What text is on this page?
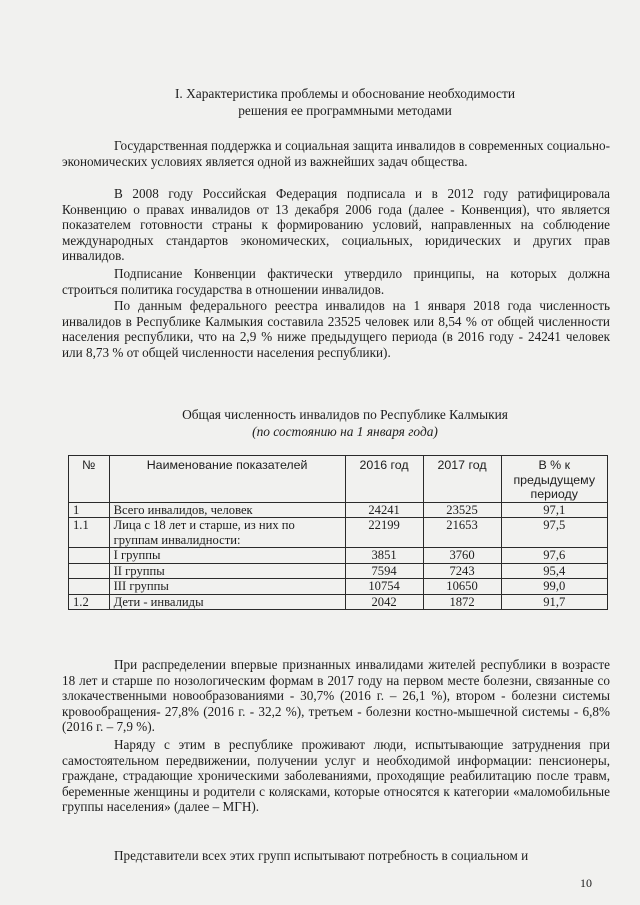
I. Характеристика проблемы и обоснование необходимости
решения ее программными методами

Государственная поддержка и социальная защита инвалидов в современных социально-экономических условиях является одной из важнейших задач общества.

В 2008 году Российская Федерация подписала и в 2012 году ратифицировала Конвенцию о правах инвалидов от 13 декабря 2006 года (далее - Конвенция), что является показателем готовности страны к формированию условий, направленных на соблюдение международных стандартов экономических, социальных, юридических и других прав инвалидов.

Подписание Конвенции фактически утвердило принципы, на которых должна строиться политика государства в отношении инвалидов.

По данным федерального реестра инвалидов на 1 января 2018 года численность инвалидов в Республике Калмыкия составила 23525 человек или 8,54 % от общей численности населения республики, что на 2,9 % ниже предыдущего периода (в 2016 году - 24241 человек или 8,73 % от общей численности населения республики).

Общая численность инвалидов по Республике Калмыкия
(по состоянию на 1 января года)
№	Наименование показателей	2016 год	2017 год	В % к предыдущему периоду
1	Всего инвалидов, человек	24241	23525	97,1
1.1	Лица с 18 лет и старше, из них по группам инвалидности:	22199	21653	97,5
	I группы	3851	3760	97,6
	II группы	7594	7243	95,4
	III группы	10754	10650	99,0
1.2	Дети - инвалиды	2042	1872	91,7

При распределении впервые признанных инвалидами жителей республики в возрасте 18 лет и старше по нозологическим формам в 2017 году на первом месте болезни, связанные со злокачественными новообразованиями - 30,7% (2016 г. – 26,1 %), втором - болезни системы кровообращения- 27,8% (2016 г. - 32,2 %), третьем - болезни костно-мышечной системы - 6,8% (2016 г. – 7,9 %).

Наряду с этим в республике проживают люди, испытывающие затруднения при самостоятельном передвижении, получении услуг и необходимой информации: пенсионеры, граждане, страдающие хроническими заболеваниями, проходящие реабилитацию после травм, беременные женщины и родители с колясками, которые относятся к категории «маломобильные группы населения» (далее – МГН).

Представители всех этих групп испытывают потребность в социальном и

10
